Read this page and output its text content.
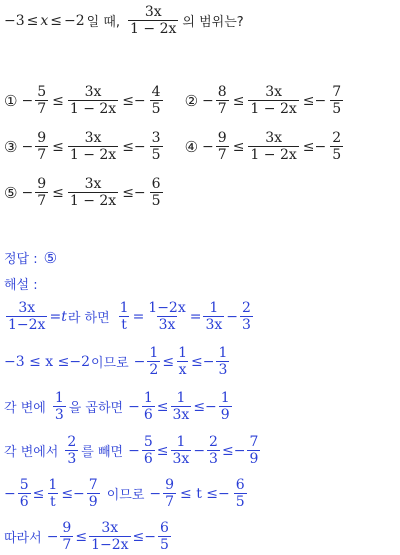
−3 ≤ x ≤ −2 일 때, $\frac{3x}{1 - 2x}$ 의 범위는?
① − $\frac{5}{7} \le \frac{3x}{1 - 2x} \le- \frac{4}{5}$ ② − $\frac{8}{7} \le \frac{3x}{1 - 2x} \le- \frac{7}{5}$
③ − $\frac{9}{7} \le \frac{3x}{1 - 2x} \le- \frac{3}{5}$ ④ − $\frac{9}{7} \le \frac{3x}{1 - 2x} \le- \frac{2}{5}$
⑤ − $\frac{9}{7} \le \frac{3x}{1 - 2x} \le- \frac{6}{5}$
정답 : ⑤
해설 :
$\frac{3x}{1-2x} = t$ 라 하면 $\frac{1}{t} = \frac{1-2x}{3x} = \frac{1}{3x} - \frac{2}{3}$
−3 ≤ x ≤−2 이므로 − $\frac{1}{2} \le \frac{1}{x} \le- \frac{1}{3}$
각 변에 $\frac{1}{3}$ 을 곱하면 − $\frac{1}{6} \le \frac{1}{3x} \le- \frac{1}{9}$
각 변에서 $\frac{2}{3}$ 를 빼면 − $\frac{5}{6} \le \frac{1}{3x} - \frac{2}{3} \le- \frac{7}{9}$
− $\frac{5}{6} \le \frac{1}{t} \le- \frac{7}{9}$ 이므로 − $\frac{9}{7} \le t \le- \frac{6}{5}$
따라서 − $\frac{9}{7} \le \frac{3x}{1-2x} \le- \frac{6}{5}$
